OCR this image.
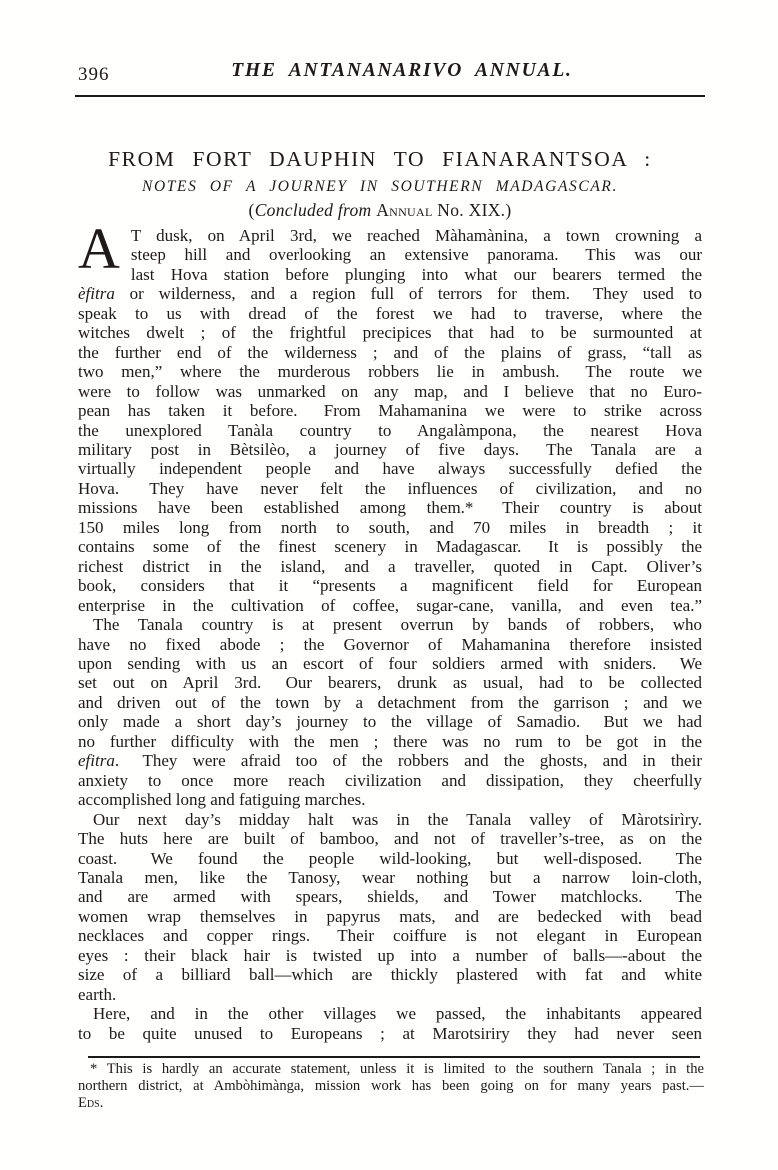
396	THE ANTANANARIVO ANNUAL.
FROM FORT DAUPHIN TO FIANARANTSOA :
NOTES OF A JOURNEY IN SOUTHERN MADAGASCAR.
(Concluded from Annual No. XIX.)
A T dusk, on April 3rd, we reached Màhamànina, a town crowning a
steep hill and overlooking an extensive panorama.  This was our
last Hova station before plunging into what our bearers termed the
èfitra or wilderness, and a region full of terrors for them.  They used to
speak to us with dread of the forest we had to traverse, where the
witches dwelt ; of the frightful precipices that had to be surmounted at
the further end of the wilderness ; and of the plains of grass, “tall as
two men,” where the murderous robbers lie in ambush.  The route we
were to follow was unmarked on any map, and I believe that no Euro-
pean has taken it before.  From Mahamanina we were to strike across
the unexplored Tanàla country to Angalàmpona, the nearest Hova
military post in Bètsilèo, a journey of five days.  The Tanala are a
virtually independent people and have always successfully defied the
Hova.  They have never felt the influences of civilization, and no
missions have been established among them.*  Their country is about
150 miles long from north to south, and 70 miles in breadth ; it
contains some of the finest scenery in Madagascar.  It is possibly the
richest district in the island, and a traveller, quoted in Capt. Oliver’s
book, considers that it “presents a magnificent field for European
enterprise in the cultivation of coffee, sugar-cane, vanilla, and even tea.”
The Tanala country is at present overrun by bands of robbers, who
have no fixed abode ; the Governor of Mahamanina therefore insisted
upon sending with us an escort of four soldiers armed with sniders.  We
set out on April 3rd.  Our bearers, drunk as usual, had to be collected
and driven out of the town by a detachment from the garrison ; and we
only made a short day’s journey to the village of Samadio.  But we had
no further difficulty with the men ; there was no rum to be got in the
efitra.  They were afraid too of the robbers and the ghosts, and in their
anxiety to once more reach civilization and dissipation, they cheerfully
accomplished long and fatiguing marches.
Our next day’s midday halt was in the Tanala valley of Màrotsirìry.
The huts here are built of bamboo, and not of traveller’s-tree, as on the
coast.  We found the people wild-looking, but well-disposed.  The
Tanala men, like the Tanosy, wear nothing but a narrow loin-cloth,
and are armed with spears, shields, and Tower matchlocks.  The
women wrap themselves in papyrus mats, and are bedecked with bead
necklaces and copper rings.  Their coiffure is not elegant in European
eyes : their black hair is twisted up into a number of balls—-about the
size of a billiard ball—which are thickly plastered with fat and white
earth.
Here, and in the other villages we passed, the inhabitants appeared
to be quite unused to Europeans ; at Marotsiriry they had never seen
* This is hardly an accurate statement, unless it is limited to the southern Tanala ; in the
northern district, at Ambòhimànga, mission work has been going on for many years past.—
Eds.
